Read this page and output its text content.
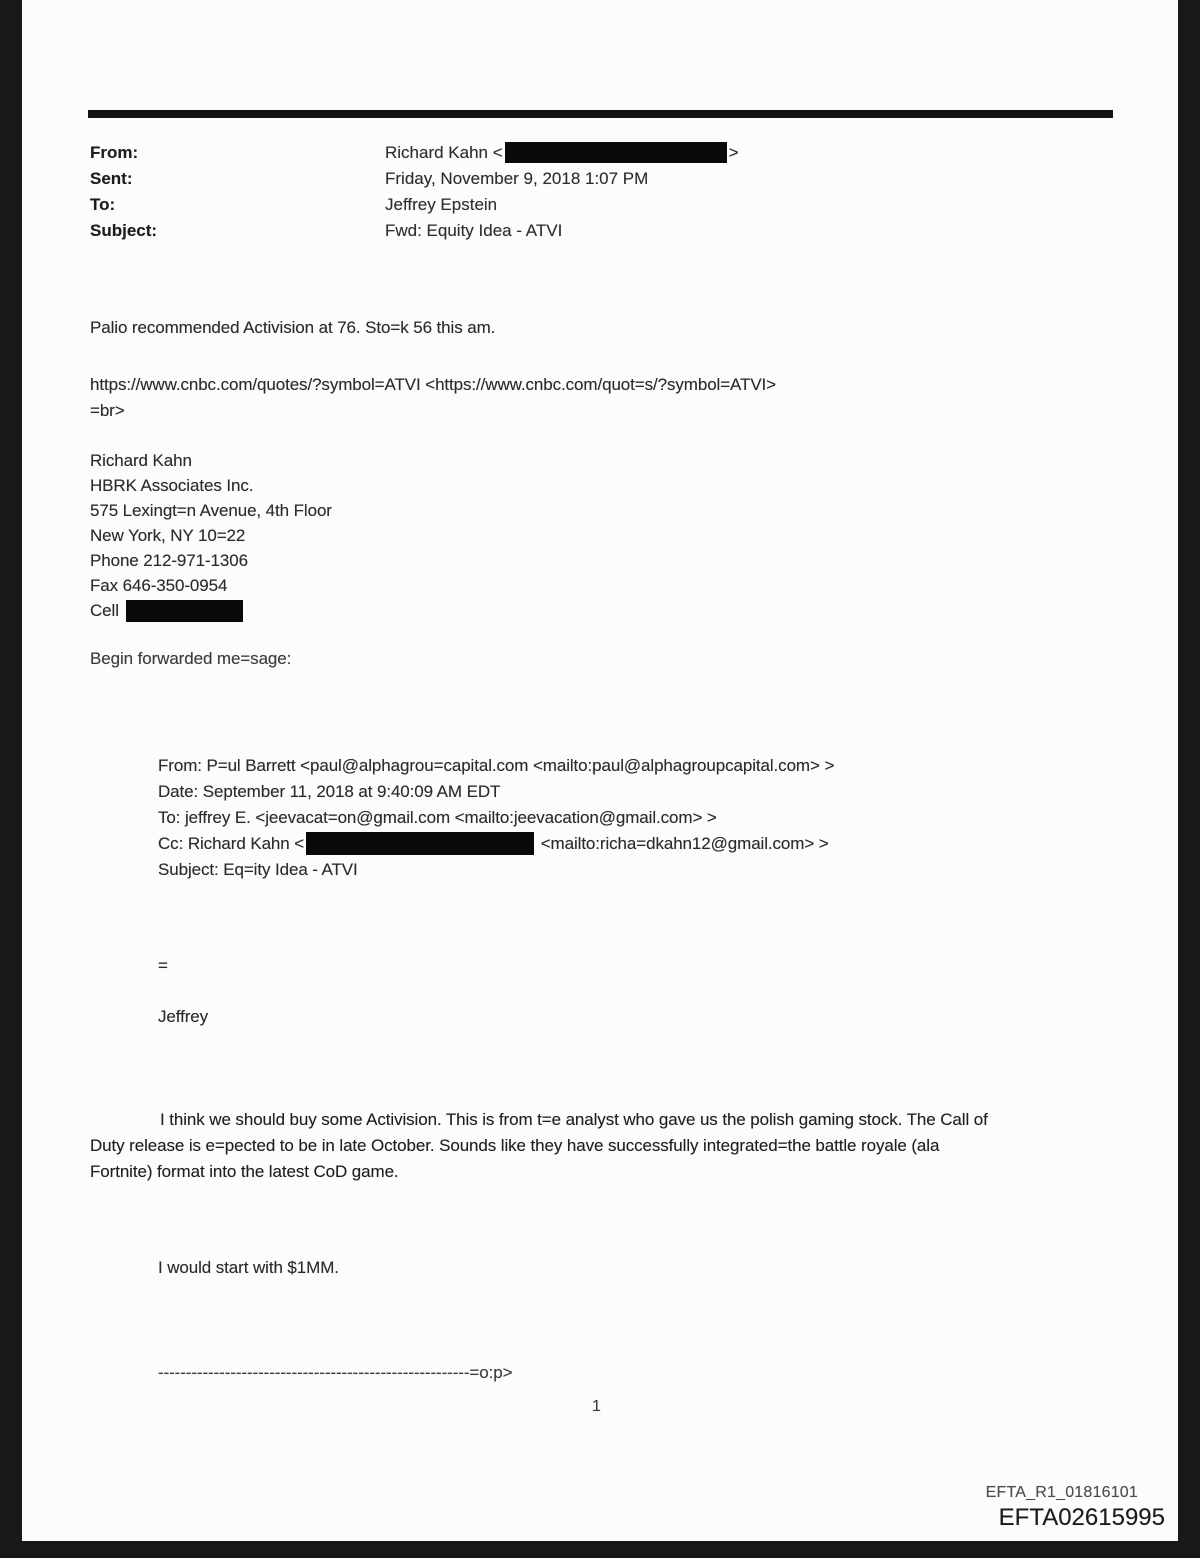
From:	Richard Kahn <	>
Sent:	Friday, November 9, 2018 1:07 PM
To:	Jeffrey Epstein
Subject:	Fwd: Equity Idea - ATVI
Palio recommended Activision at 76. Sto=k 56 this am.
https://www.cnbc.com/quotes/?symbol=ATVI <https://www.cnbc.com/quot=s/?symbol=ATVI>
=br>
Richard Kahn
HBRK Associates Inc.
575 Lexingt=n Avenue, 4th Floor
New York, NY 10=22
Phone 212-971-1306
Fax 646-350-0954
Cell
Begin forwarded me=sage:
From: P=ul Barrett <paul@alphagrou=capital.com <mailto:paul@alphagroupcapital.com> >
Date: September 11, 2018 at 9:40:09 AM EDT
To: jeffrey E. <jeevacat=on@gmail.com <mailto:jeevacation@gmail.com> >
Cc: Richard Kahn <	<mailto:richa=dkahn12@gmail.com> >
Subject: Eq=ity Idea - ATVI
=
Jeffrey
I think we should buy some Activision. This is from t=e analyst who gave us the polish gaming stock. The Call of
Duty release is e=pected to be in late October. Sounds like they have successfully integrated=the battle royale (ala
Fortnite) format into the latest CoD game.
I would start with $1MM.
--------------------------------------------------------=o:p>
1
EFTA_R1_01816101
EFTA02615995
